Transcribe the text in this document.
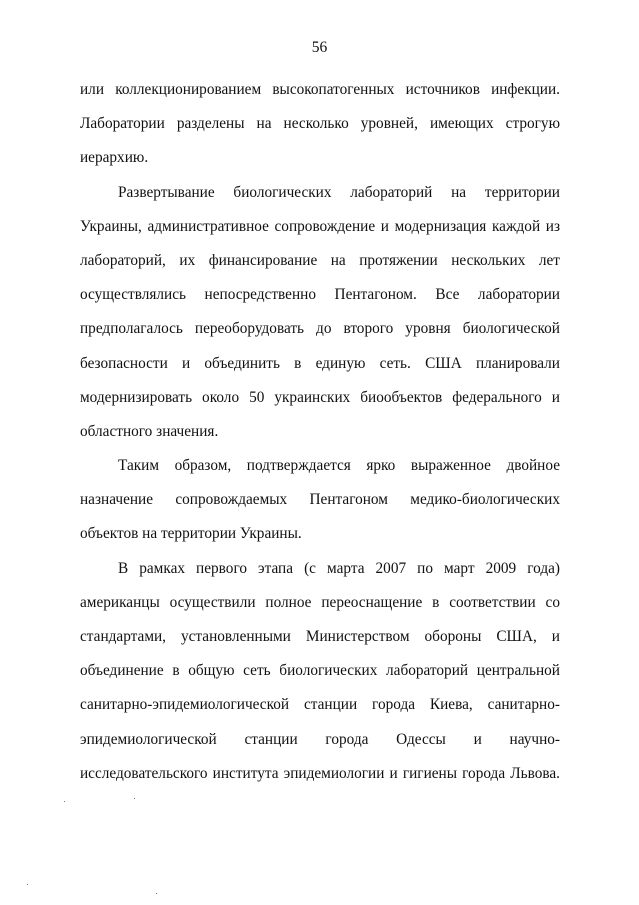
56
или коллекционированием высокопатогенных источников инфекции.
Лаборатории разделены на несколько уровней, имеющих строгую
иерархию.
Развертывание биологических лабораторий на территории
Украины, административное сопровождение и модернизация каждой из
лабораторий, их финансирование на протяжении нескольких лет
осуществлялись непосредственно Пентагоном. Все лаборатории
предполагалось переоборудовать до второго уровня биологической
безопасности и объединить в единую сеть. США планировали
модернизировать около 50 украинских биообъектов федерального и
областного значения.
Таким образом, подтверждается ярко выраженное двойное
назначение сопровождаемых Пентагоном медико-биологических
объектов на территории Украины.
В рамках первого этапа (с марта 2007 по март 2009 года)
американцы осуществили полное переоснащение в соответствии со
стандартами, установленными Министерством обороны США, и
объединение в общую сеть биологических лабораторий центральной
санитарно-эпидемиологической станции города Киева, санитарно-
эпидемиологической станции города Одессы и научно-
исследовательского института эпидемиологии и гигиены города Львова.
